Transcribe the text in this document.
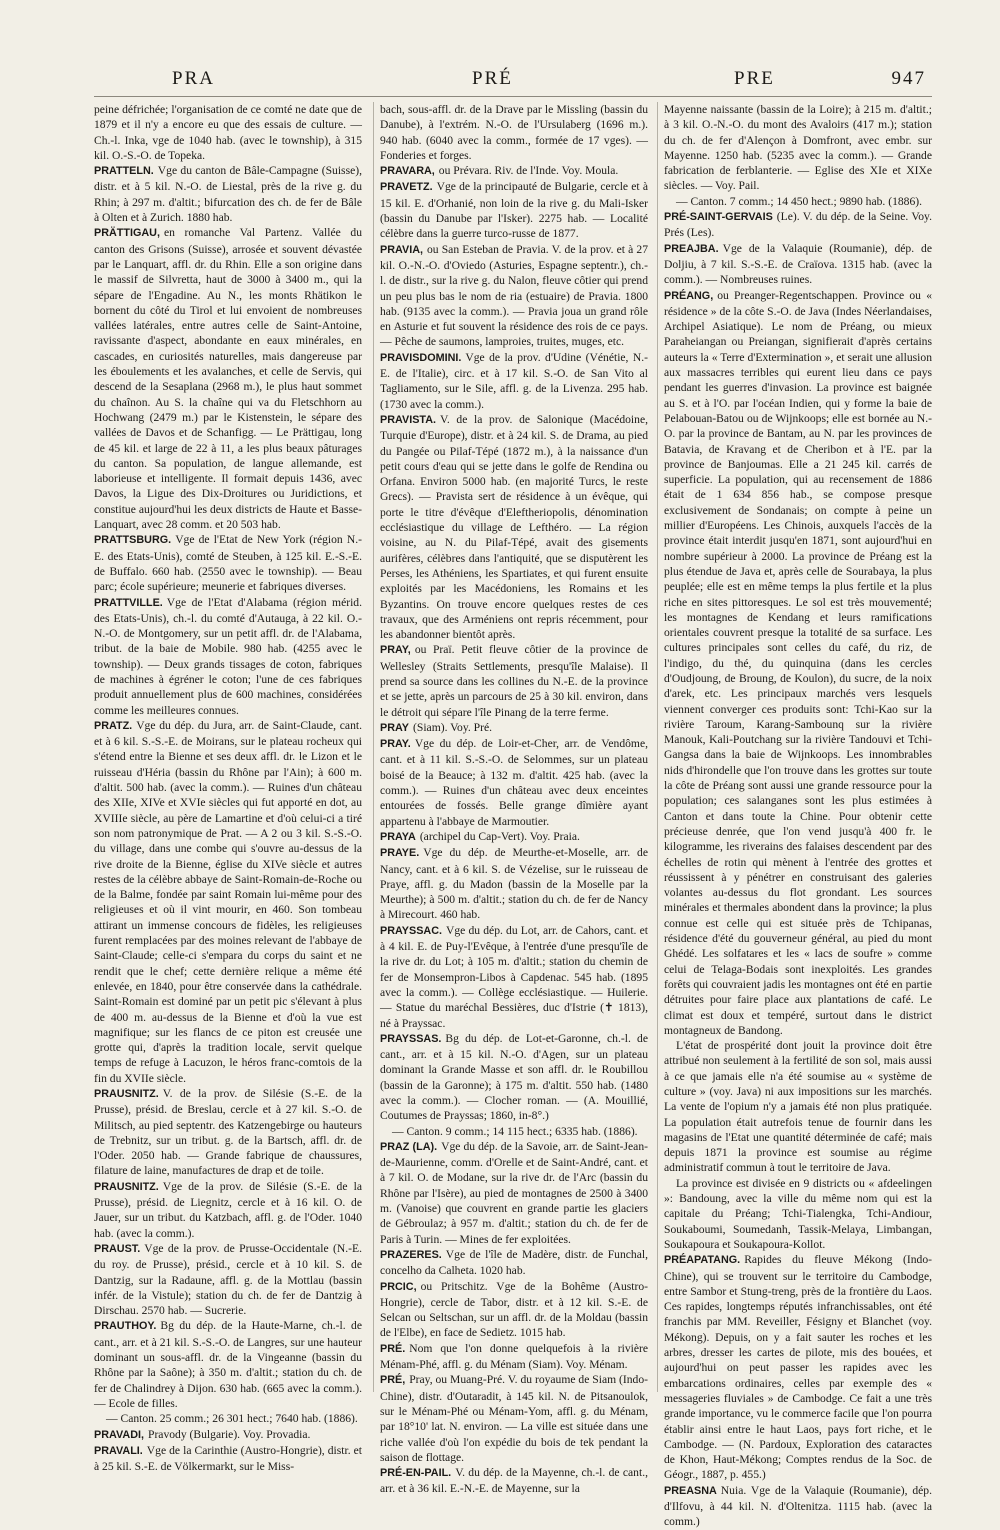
PRA	PRÉ	PRE	947

peine défrichée; l'organisation de ce comté ne date que de 1879 et il n'y a encore eu que des essais de culture. — Ch.-l. Inka, vge de 1040 hab. (avec le township), à 315 kil. O.-S.-O. de Topeka.

PRATTELN. Vge du canton de Bâle-Campagne (Suisse), distr. et à 5 kil. N.-O. de Liestal, près de la rive g. du Rhin; à 297 m. d'altit.; bifurcation des ch. de fer de Bâle à Olten et à Zurich. 1880 hab.

PRÄTTIGAU, en romanche Val Partenz. Vallée du canton des Grisons (Suisse), arrosée et souvent dévastée par le Lanquart, affl. dr. du Rhin. Elle a son origine dans le massif de Silvretta, haut de 3000 à 3400 m., qui la sépare de l'Engadine. Au N., les monts Rhätikon le bornent du côté du Tirol et lui envoient de nombreuses vallées latérales, entre autres celle de Saint-Antoine, ravissante d'aspect, abondante en eaux minérales, en cascades, en curiosités naturelles, mais dangereuse par les éboulements et les avalanches, et celle de Servis, qui descend de la Sesaplana (2968 m.), le plus haut sommet du chaînon. Au S. la chaîne qui va du Fletschhorn au Hochwang (2479 m.) par le Kistenstein, le sépare des vallées de Davos et de Schanfigg. — Le Prättigau, long de 45 kil. et large de 22 à 11, a les plus beaux pâturages du canton. Sa population, de langue allemande, est laborieuse et intelligente. Il formait depuis 1436, avec Davos, la Ligue des Dix-Droitures ou Juridictions, et constitue aujourd'hui les deux districts de Haute et Basse-Lanquart, avec 28 comm. et 20 503 hab.

PRATTSBURG. Vge de l'Etat de New York (région N.-E. des Etats-Unis), comté de Steuben, à 125 kil. E.-S.-E. de Buffalo. 660 hab. (2550 avec le township). — Beau parc; école supérieure; meunerie et fabriques diverses.

PRATTVILLE. Vge de l'Etat d'Alabama (région mérid. des Etats-Unis), ch.-l. du comté d'Autauga, à 22 kil. O.-N.-O. de Montgomery, sur un petit affl. dr. de l'Alabama, tribut. de la baie de Mobile. 980 hab. (4255 avec le township). — Deux grands tissages de coton, fabriques de machines à égréner le coton; l'une de ces fabriques produit annuellement plus de 600 machines, considérées comme les meilleures connues.

PRATZ. Vge du dép. du Jura, arr. de Saint-Claude, cant. et à 6 kil. S.-S.-E. de Moirans, sur le plateau rocheux qui s'étend entre la Bienne et ses deux affl. dr. le Lizon et le ruisseau d'Héria (bassin du Rhône par l'Ain); à 600 m. d'altit. 500 hab. (avec la comm.). — Ruines d'un château des XIIe, XIVe et XVIe siècles qui fut apporté en dot, au XVIIIe siècle, au père de Lamartine et d'où celui-ci a tiré son nom patronymique de Prat. — A 2 ou 3 kil. S.-S.-O. du village, dans une combe qui s'ouvre au-dessus de la rive droite de la Bienne, église du XIVe siècle et autres restes de la célèbre abbaye de Saint-Romain-de-Roche ou de la Balme, fondée par saint Romain lui-même pour des religieuses et où il vint mourir, en 460. Son tombeau attirant un immense concours de fidèles, les religieuses furent remplacées par des moines relevant de l'abbaye de Saint-Claude; celle-ci s'empara du corps du saint et ne rendit que le chef; cette dernière relique a même été enlevée, en 1840, pour être conservée dans la cathédrale. Saint-Romain est dominé par un petit pic s'élevant à plus de 400 m. au-dessus de la Bienne et d'où la vue est magnifique; sur les flancs de ce piton est creusée une grotte qui, d'après la tradition locale, servit quelque temps de refuge à Lacuzon, le héros franc-comtois de la fin du XVIIe siècle.

PRAUSNITZ. V. de la prov. de Silésie (S.-E. de la Prusse), présid. de Breslau, cercle et à 27 kil. S.-O. de Militsch, au pied septentr. des Katzengebirge ou hauteurs de Trebnitz, sur un tribut. g. de la Bartsch, affl. dr. de l'Oder. 2050 hab. — Grande fabrique de chaussures, filature de laine, manufactures de drap et de toile.

PRAUSNITZ. Vge de la prov. de Silésie (S.-E. de la Prusse), présid. de Liegnitz, cercle et à 16 kil. O. de Jauer, sur un tribut. du Katzbach, affl. g. de l'Oder. 1040 hab. (avec la comm.).

PRAUST. Vge de la prov. de Prusse-Occidentale (N.-E. du roy. de Prusse), présid., cercle et à 10 kil. S. de Dantzig, sur la Radaune, affl. g. de la Mottlau (bassin infér. de la Vistule); station du ch. de fer de Dantzig à Dirschau. 2570 hab. — Sucrerie.

PRAUTHOY. Bg du dép. de la Haute-Marne, ch.-l. de cant., arr. et à 21 kil. S.-S.-O. de Langres, sur une hauteur dominant un sous-affl. dr. de la Vingeanne (bassin du Rhône par la Saône); à 350 m. d'altit.; station du ch. de fer de Chalindrey à Dijon. 630 hab. (665 avec la comm.). — Ecole de filles.

— Canton. 25 comm.; 26 301 hect.; 7640 hab. (1886).

PRAVADI, Pravody (Bulgarie). Voy. Provadia.

PRAVALI. Vge de la Carinthie (Austro-Hongrie), distr. et à 25 kil. S.-E. de Völkermarkt, sur le Miss-

bach, sous-affl. dr. de la Drave par le Missling (bassin du Danube), à l'extrém. N.-O. de l'Ursulaberg (1696 m.). 940 hab. (6040 avec la comm., formée de 17 vges). — Fonderies et forges.

PRAVARA, ou Prévara. Riv. de l'Inde. Voy. Moula.

PRAVETZ. Vge de la principauté de Bulgarie, cercle et à 15 kil. E. d'Orhanié, non loin de la rive g. du Mali-Isker (bassin du Danube par l'Isker). 2275 hab. — Localité célèbre dans la guerre turco-russe de 1877.

PRAVIA, ou San Esteban de Pravia. V. de la prov. et à 27 kil. O.-N.-O. d'Oviedo (Asturies, Espagne septentr.), ch.-l. de distr., sur la rive g. du Nalon, fleuve côtier qui prend un peu plus bas le nom de ria (estuaire) de Pravia. 1800 hab. (9135 avec la comm.). — Pravia joua un grand rôle en Asturie et fut souvent la résidence des rois de ce pays. — Pêche de saumons, lamproies, truites, muges, etc.

PRAVISDOMINI. Vge de la prov. d'Udine (Vénétie, N.-E. de l'Italie), circ. et à 17 kil. S.-O. de San Vito al Tagliamento, sur le Sile, affl. g. de la Livenza. 295 hab. (1730 avec la comm.).

PRAVISTA. V. de la prov. de Salonique (Macédoine, Turquie d'Europe), distr. et à 24 kil. S. de Drama, au pied du Pangée ou Pilaf-Tépé (1872 m.), à la naissance d'un petit cours d'eau qui se jette dans le golfe de Rendina ou Orfana. Environ 5000 hab. (en majorité Turcs, le reste Grecs). — Pravista sert de résidence à un évêque, qui porte le titre d'évêque d'Eleftheriopolis, dénomination ecclésiastique du village de Lefthéro. — La région voisine, au N. du Pilaf-Tépé, avait des gisements aurifères, célèbres dans l'antiquité, que se disputèrent les Perses, les Athéniens, les Spartiates, et qui furent ensuite exploités par les Macédoniens, les Romains et les Byzantins. On trouve encore quelques restes de ces travaux, que des Arméniens ont repris récemment, pour les abandonner bientôt après.

PRAY, ou Praï. Petit fleuve côtier de la province de Wellesley (Straits Settlements, presqu'île Malaise). Il prend sa source dans les collines du N.-E. de la province et se jette, après un parcours de 25 à 30 kil. environ, dans le détroit qui sépare l'île Pinang de la terre ferme.

PRAY (Siam). Voy. Pré.

PRAY. Vge du dép. de Loir-et-Cher, arr. de Vendôme, cant. et à 11 kil. S.-S.-O. de Selommes, sur un plateau boisé de la Beauce; à 132 m. d'altit. 425 hab. (avec la comm.). — Ruines d'un château avec deux enceintes entourées de fossés. Belle grange dîmière ayant appartenu à l'abbaye de Marmoutier.

PRAYA (archipel du Cap-Vert). Voy. Praia.

PRAYE. Vge du dép. de Meurthe-et-Moselle, arr. de Nancy, cant. et à 6 kil. S. de Vézelise, sur le ruisseau de Praye, affl. g. du Madon (bassin de la Moselle par la Meurthe); à 500 m. d'altit.; station du ch. de fer de Nancy à Mirecourt. 460 hab.

PRAYSSAC. Vge du dép. du Lot, arr. de Cahors, cant. et à 4 kil. E. de Puy-l'Evêque, à l'entrée d'une presqu'île de la rive dr. du Lot; à 105 m. d'altit.; station du chemin de fer de Monsempron-Libos à Capdenac. 545 hab. (1895 avec la comm.). — Collège ecclésiastique. — Huilerie. — Statue du maréchal Bessières, duc d'Istrie (✝ 1813), né à Prayssac.

PRAYSSAS. Bg du dép. de Lot-et-Garonne, ch.-l. de cant., arr. et à 15 kil. N.-O. d'Agen, sur un plateau dominant la Grande Masse et son affl. dr. le Roubillou (bassin de la Garonne); à 175 m. d'altit. 550 hab. (1480 avec la comm.). — Clocher roman. — (A. Mouillié, Coutumes de Prayssas; 1860, in-8°.)

— Canton. 9 comm.; 14 115 hect.; 6335 hab. (1886).

PRAZ (LA). Vge du dép. de la Savoie, arr. de Saint-Jean-de-Maurienne, comm. d'Orelle et de Saint-André, cant. et à 7 kil. O. de Modane, sur la rive dr. de l'Arc (bassin du Rhône par l'Isère), au pied de montagnes de 2500 à 3400 m. (Vanoise) que couvrent en grande partie les glaciers de Gébroulaz; à 957 m. d'altit.; station du ch. de fer de Paris à Turin. — Mines de fer exploitées.

PRAZERES. Vge de l'île de Madère, distr. de Funchal, concelho da Calheta. 1020 hab.

PRCIC, ou Pritschitz. Vge de la Bohême (Austro-Hongrie), cercle de Tabor, distr. et à 12 kil. S.-E. de Selcan ou Seltschan, sur un affl. dr. de la Moldau (bassin de l'Elbe), en face de Sedietz. 1015 hab.

PRÉ. Nom que l'on donne quelquefois à la rivière Ménam-Phé, affl. g. du Ménam (Siam). Voy. Ménam.

PRÉ, Pray, ou Muang-Pré. V. du royaume de Siam (Indo-Chine), distr. d'Outaradit, à 145 kil. N. de Pitsanoulok, sur le Ménam-Phé ou Ménam-Yom, affl. g. du Ménam, par 18°10' lat. N. environ. — La ville est située dans une riche vallée d'où l'on expédie du bois de tek pendant la saison de flottage.

PRÉ-EN-PAIL. V. du dép. de la Mayenne, ch.-l. de cant., arr. et à 36 kil. E.-N.-E. de Mayenne, sur la

Mayenne naissante (bassin de la Loire); à 215 m. d'altit.; à 3 kil. O.-N.-O. du mont des Avaloirs (417 m.); station du ch. de fer d'Alençon à Domfront, avec embr. sur Mayenne. 1250 hab. (5235 avec la comm.). — Grande fabrication de ferblanterie. — Eglise des XIe et XIXe siècles. — Voy. Pail.

— Canton. 7 comm.; 14 450 hect.; 9890 hab. (1886).

PRÉ-SAINT-GERVAIS (Le). V. du dép. de la Seine. Voy. Prés (Les).

PREAJBA. Vge de la Valaquie (Roumanie), dép. de Doljiu, à 7 kil. S.-S.-E. de Craïova. 1315 hab. (avec la comm.). — Nombreuses ruines.

PRÉANG, ou Preanger-Regentschappen. Province ou « résidence » de la côte S.-O. de Java (Indes Néerlandaises, Archipel Asiatique). Le nom de Préang, ou mieux Paraheiangan ou Preiangan, signifierait d'après certains auteurs la « Terre d'Extermination », et serait une allusion aux massacres terribles qui eurent lieu dans ce pays pendant les guerres d'invasion. La province est baignée au S. et à l'O. par l'océan Indien, qui y forme la baie de Pelabouan-Batou ou de Wijnkoops; elle est bornée au N.-O. par la province de Bantam, au N. par les provinces de Batavia, de Kravang et de Cheribon et à l'E. par la province de Banjoumas. Elle a 21 245 kil. carrés de superficie. La population, qui au recensement de 1886 était de 1 634 856 hab., se compose presque exclusivement de Sondanais; on compte à peine un millier d'Européens. Les Chinois, auxquels l'accès de la province était interdit jusqu'en 1871, sont aujourd'hui en nombre supérieur à 2000. La province de Préang est la plus étendue de Java et, après celle de Sourabaya, la plus peuplée; elle est en même temps la plus fertile et la plus riche en sites pittoresques. Le sol est très mouvementé; les montagnes de Kendang et leurs ramifications orientales couvrent presque la totalité de sa surface. Les cultures principales sont celles du café, du riz, de l'indigo, du thé, du quinquina (dans les cercles d'Oudjoung, de Broung, de Koulon), du sucre, de la noix d'arek, etc. Les principaux marchés vers lesquels viennent converger ces produits sont: Tchi-Kao sur la rivière Taroum, Karang-Sambounq sur la rivière Manouk, Kali-Poutchang sur la rivière Tandouvi et Tchi-Gangsa dans la baie de Wijnkoops. Les innombrables nids d'hirondelle que l'on trouve dans les grottes sur toute la côte de Préang sont aussi une grande ressource pour la population; ces salanganes sont les plus estimées à Canton et dans toute la Chine. Pour obtenir cette précieuse denrée, que l'on vend jusqu'à 400 fr. le kilogramme, les riverains des falaises descendent par des échelles de rotin qui mènent à l'entrée des grottes et réussissent à y pénétrer en construisant des galeries volantes au-dessus du flot grondant. Les sources minérales et thermales abondent dans la province; la plus connue est celle qui est située près de Tchipanas, résidence d'été du gouverneur général, au pied du mont Ghédé. Les solfatares et les « lacs de soufre » comme celui de Telaga-Bodais sont inexploités. Les grandes forêts qui couvraient jadis les montagnes ont été en partie détruites pour faire place aux plantations de café. Le climat est doux et tempéré, surtout dans le district montagneux de Bandong.

L'état de prospérité dont jouit la province doit être attribué non seulement à la fertilité de son sol, mais aussi à ce que jamais elle n'a été soumise au « système de culture » (voy. Java) ni aux impositions sur les marchés. La vente de l'opium n'y a jamais été non plus pratiquée. La population était autrefois tenue de fournir dans les magasins de l'Etat une quantité déterminée de café; mais depuis 1871 la province est soumise au régime administratif commun à tout le territoire de Java.

La province est divisée en 9 districts ou « afdeelingen »: Bandoung, avec la ville du même nom qui est la capitale du Préang; Tchi-Tialengka, Tchi-Andiour, Soukaboumi, Soumedanh, Tassik-Melaya, Limbangan, Soukapoura et Soukapoura-Kollot.

PRÉAPATANG. Rapides du fleuve Mékong (Indo-Chine), qui se trouvent sur le territoire du Cambodge, entre Sambor et Stung-treng, près de la frontière du Laos. Ces rapides, longtemps réputés infranchissables, ont été franchis par MM. Reveiller, Fésigny et Blanchet (voy. Mékong). Depuis, on y a fait sauter les roches et les arbres, dresser les cartes de pilote, mis des bouées, et aujourd'hui on peut passer les rapides avec les embarcations ordinaires, celles par exemple des « messageries fluviales » de Cambodge. Ce fait a une très grande importance, vu le commerce facile que l'on pourra établir ainsi entre le haut Laos, pays fort riche, et le Cambodge. — (N. Pardoux, Exploration des cataractes de Khon, Haut-Mékong; Comptes rendus de la Soc. de Géogr., 1887, p. 455.)

PREASNA Nuia. Vge de la Valaquie (Roumanie), dép. d'Ilfovu, à 44 kil. N. d'Oltenitza. 1115 hab. (avec la comm.)
